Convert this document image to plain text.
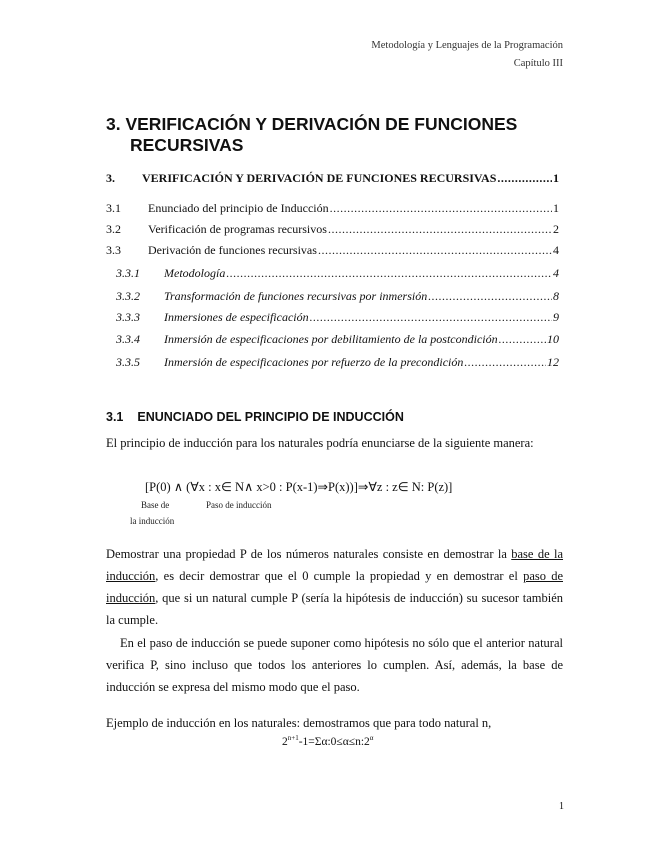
Metodología y Lenguajes de la Programación
Capítulo III
3. VERIFICACIÓN Y DERIVACIÓN DE FUNCIONES
RECURSIVAS
3. VERIFICACIÓN Y DERIVACIÓN DE FUNCIONES RECURSIVAS .....	1
3.1 Enunciado del principio de Inducción .....	1
3.2 Verificación de programas recursivos .....	2
3.3 Derivación de funciones recursivas .....	4
3.3.1 Metodología .....	4
3.3.2 Transformación de funciones recursivas por inmersión .....	8
3.3.3 Inmersiones de especificación .....	9
3.3.4 Inmersión de especificaciones por debilitamiento de la postcondición .....	10
3.3.5 Inmersión de especificaciones por refuerzo de la precondición .....	12
3.1 ENUNCIADO DEL PRINCIPIO DE INDUCCIÓN
El principio de inducción para los naturales podría enunciarse de la siguiente manera:
[P(0) ∧ (∀x : x∈ N∧ x>0 : P(x-1)⇒P(x))]⇒∀z : z∈ N: P(z)]
Base de
la inducción
Paso de inducción
Demostrar una propiedad P de los números naturales consiste en demostrar la base de la inducción, es decir demostrar que el 0 cumple la propiedad y en demostrar el paso de inducción, que si un natural cumple P (sería la hipótesis de inducción) su sucesor también la cumple.
En el paso de inducción se puede suponer como hipótesis no sólo que el anterior natural verifica P, sino incluso que todos los anteriores lo cumplen. Así, además, la base de inducción se expresa del mismo modo que el paso.
Ejemplo de inducción en los naturales: demostramos que para todo natural n,
$2^{n+1}-1=\Sigma\alpha:0\le\alpha\le n:2^\alpha$
1
